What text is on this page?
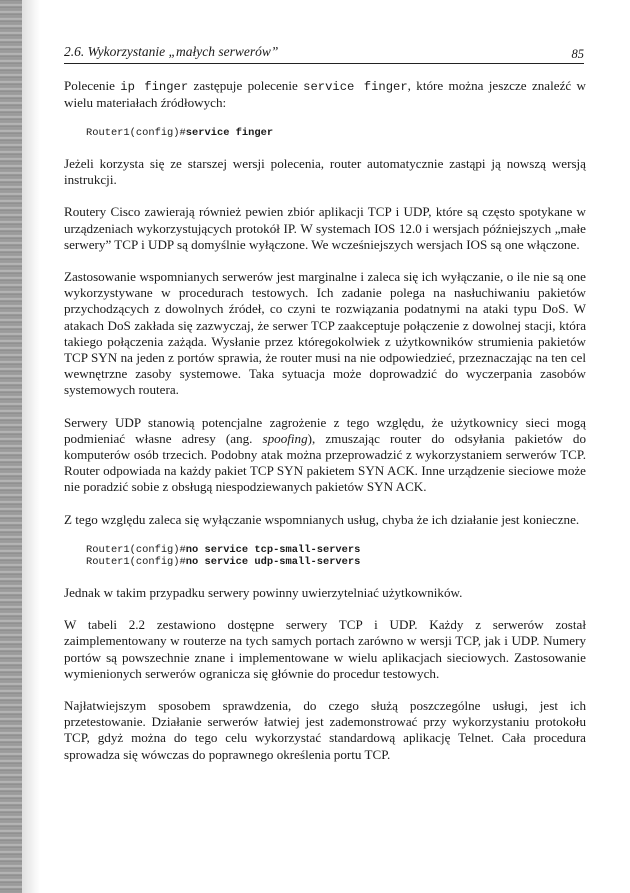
2.6. Wykorzystanie „małych serwerów”	85

Polecenie ip finger zastępuje polecenie service finger, które można jeszcze znaleźć w wielu materiałach źródłowych:

Router1(config)#service finger

Jeżeli korzysta się ze starszej wersji polecenia, router automatycznie zastąpi ją nowszą wersją instrukcji.

Routery Cisco zawierają również pewien zbiór aplikacji TCP i UDP, które są często spotykane w urządzeniach wykorzystujących protokół IP. W systemach IOS 12.0 i wersjach późniejszych „małe serwery” TCP i UDP są domyślnie wyłączone. We wcześniejszych wersjach IOS są one włączone.

Zastosowanie wspomnianych serwerów jest marginalne i zaleca się ich wyłączanie, o ile nie są one wykorzystywane w procedurach testowych. Ich zadanie polega na nasłuchiwaniu pakietów przychodzących z dowolnych źródeł, co czyni te rozwiązania podatnymi na ataki typu DoS. W atakach DoS zakłada się zazwyczaj, że serwer TCP zaakceptuje połączenie z dowolnej stacji, która takiego połączenia zażąda. Wysłanie przez któregokolwiek z użytkowników strumienia pakietów TCP SYN na jeden z portów sprawia, że router musi na nie odpowiedzieć, przeznaczając na ten cel wewnętrzne zasoby systemowe. Taka sytuacja może doprowadzić do wyczerpania zasobów systemowych routera.

Serwery UDP stanowią potencjalne zagrożenie z tego względu, że użytkownicy sieci mogą podmieniać własne adresy (ang. spoofing), zmuszając router do odsyłania pakietów do komputerów osób trzecich. Podobny atak można przeprowadzić z wykorzystaniem serwerów TCP. Router odpowiada na każdy pakiet TCP SYN pakietem SYN ACK. Inne urządzenie sieciowe może nie poradzić sobie z obsługą niespodziewanych pakietów SYN ACK.

Z tego względu zaleca się wyłączanie wspomnianych usług, chyba że ich działanie jest konieczne.

Router1(config)#no service tcp-small-servers
Router1(config)#no service udp-small-servers

Jednak w takim przypadku serwery powinny uwierzytelniać użytkowników.

W tabeli 2.2 zestawiono dostępne serwery TCP i UDP. Każdy z serwerów został zaimplementowany w routerze na tych samych portach zarówno w wersji TCP, jak i UDP. Numery portów są powszechnie znane i implementowane w wielu aplikacjach sieciowych. Zastosowanie wymienionych serwerów ogranicza się głównie do procedur testowych.

Najłatwiejszym sposobem sprawdzenia, do czego służą poszczególne usługi, jest ich przetestowanie. Działanie serwerów łatwiej jest zademonstrować przy wykorzystaniu protokołu TCP, gdyż można do tego celu wykorzystać standardową aplikację Telnet. Cała procedura sprowadza się wówczas do poprawnego określenia portu TCP.
